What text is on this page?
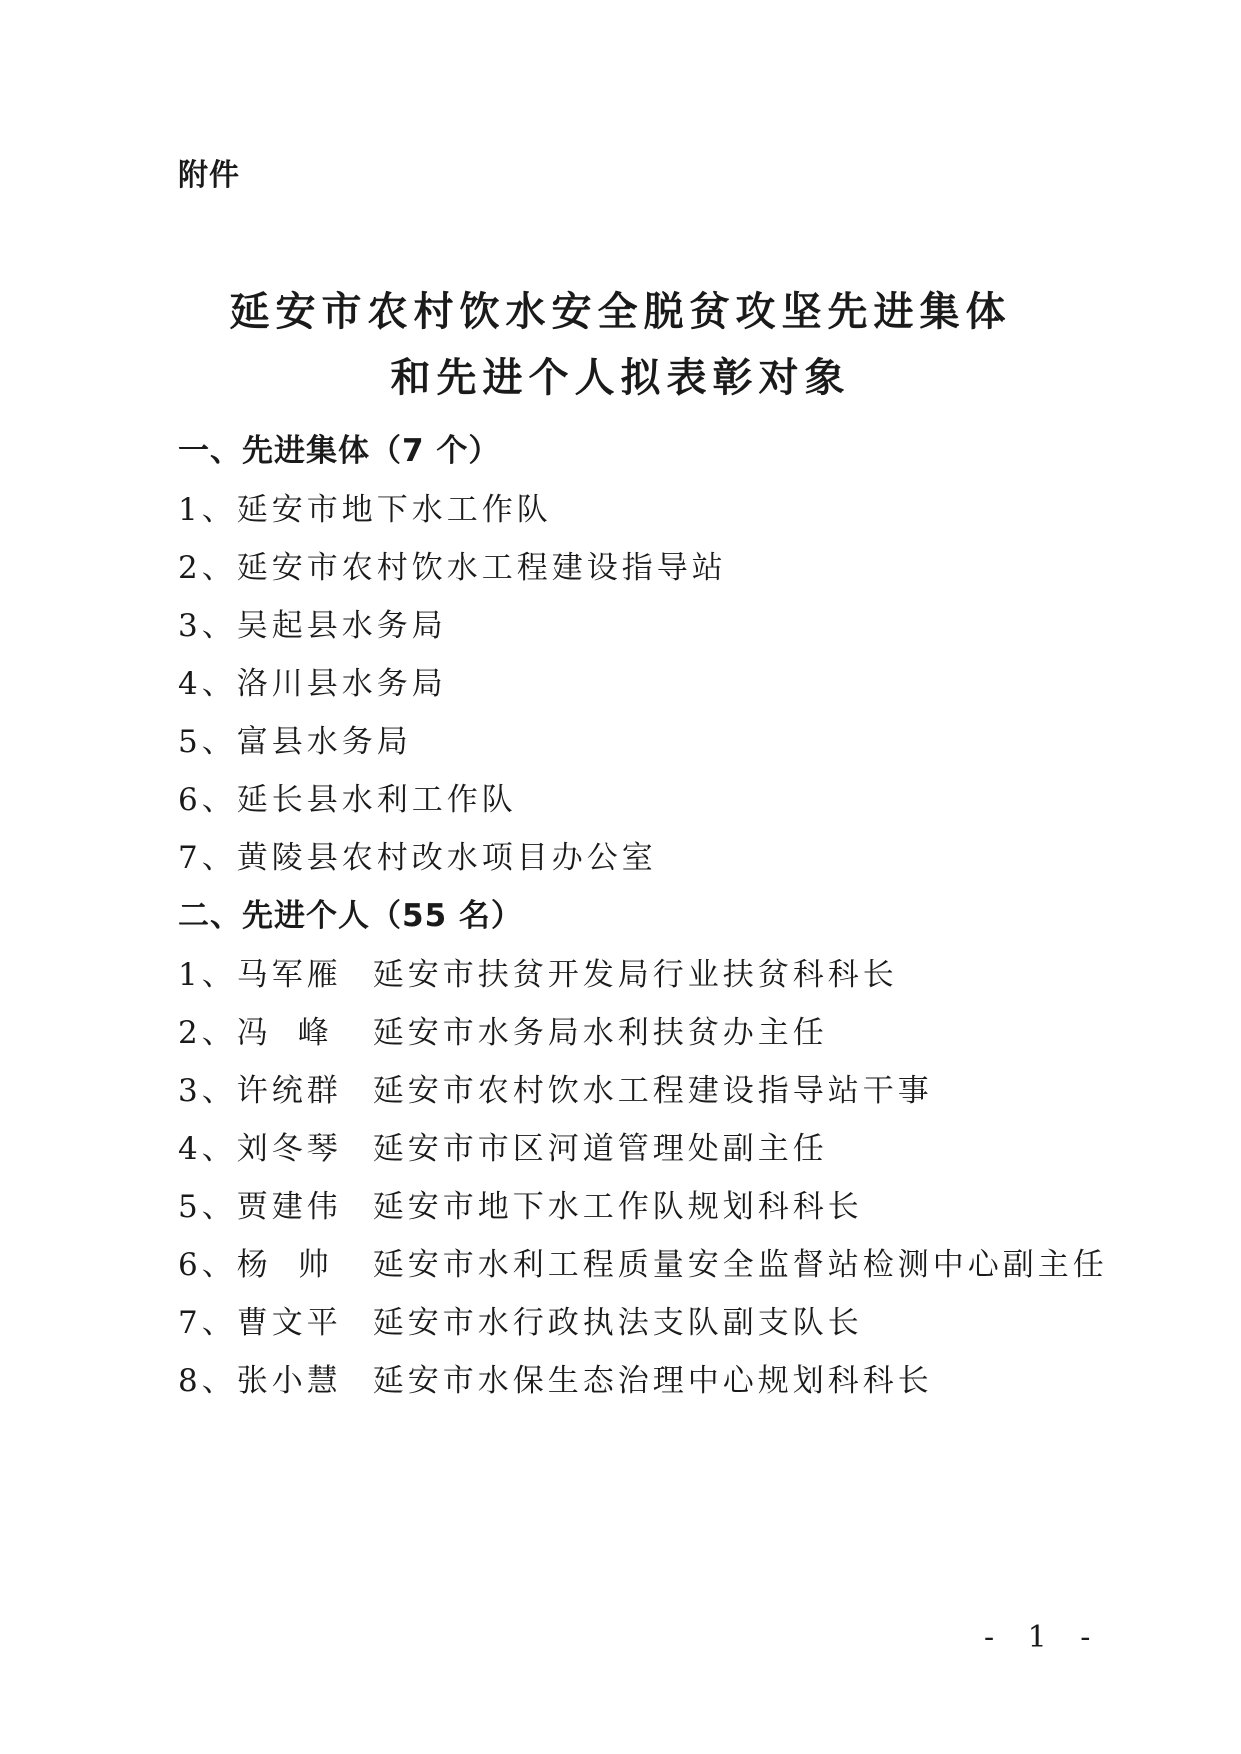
附件
延安市农村饮水安全脱贫攻坚先进集体
和先进个人拟表彰对象
一、先进集体（7 个）
1、延安市地下水工作队
2、延安市农村饮水工程建设指导站
3、吴起县水务局
4、洛川县水务局
5、富县水务局
6、延长县水利工作队
7、黄陵县农村改水项目办公室
二、先进个人（55 名）
1、马军雁 延安市扶贫开发局行业扶贫科科长
2、冯峰 延安市水务局水利扶贫办主任
3、许统群 延安市农村饮水工程建设指导站干事
4、刘冬琴 延安市市区河道管理处副主任
5、贾建伟 延安市地下水工作队规划科科长
6、杨帅 延安市水利工程质量安全监督站检测中心副主任
7、曹文平 延安市水行政执法支队副支队长
8、张小慧 延安市水保生态治理中心规划科科长
- 1 -
